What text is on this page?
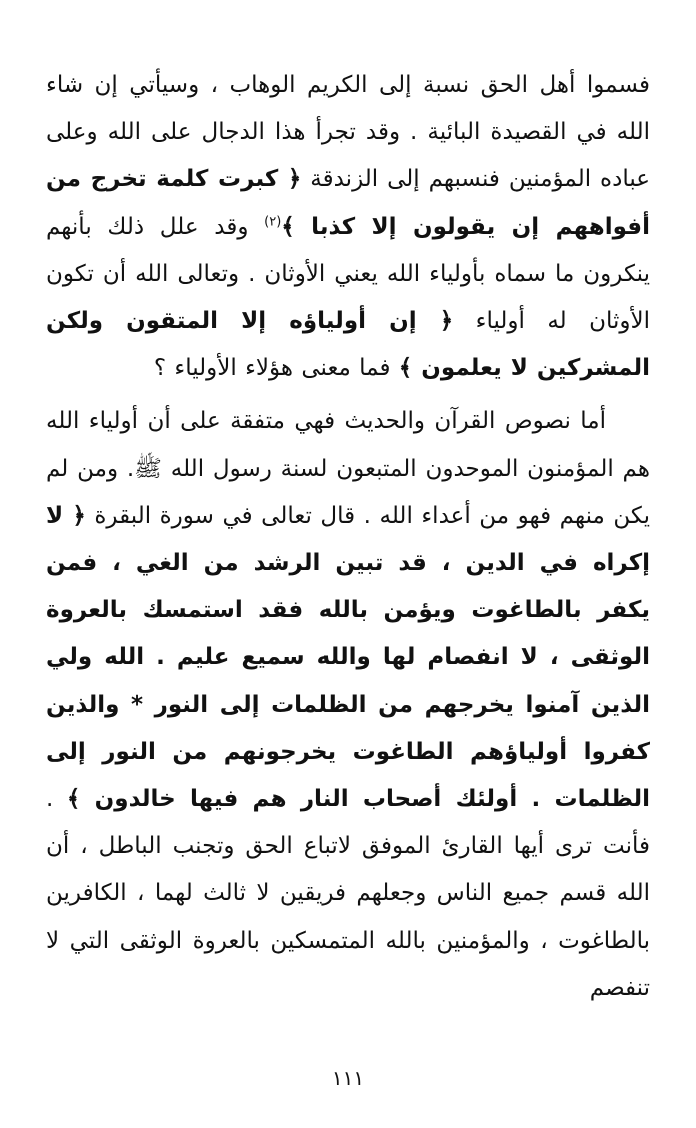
فسموا أهل الحق نسبة إلى الكريم الوهاب ، وسيأتي إن شاء الله في القصيدة البائية . وقد تجرأ هذا الدجال على الله وعلى عباده المؤمنين فنسبهم إلى الزندقة ﴿ كبرت كلمة تخرج من أفواههم إن يقولون إلا كذبا ﴾$^{(٢)}$ وقد علل ذلك بأنهم ينكرون ما سماه بأولياء الله يعني الأوثان . وتعالى الله أن تكون الأوثان له أولياء ﴿ إن أولياؤه إلا المتقون ولكن المشركين لا يعلمون ﴾ فما معنى هؤلاء الأولياء ؟

أما نصوص القرآن والحديث فهي متفقة على أن أولياء الله هم المؤمنون الموحدون المتبعون لسنة رسول الله ﷺ. ومن لم يكن منهم فهو من أعداء الله . قال تعالى في سورة البقرة ﴿ لا إكراه في الدين ، قد تبين الرشد من الغي ، فمن يكفر بالطاغوت ويؤمن بالله فقد استمسك بالعروة الوثقى ، لا انفصام لها والله سميع عليم . الله ولي الذين آمنوا يخرجهم من الظلمات إلى النور * والذين كفروا أولياؤهم الطاغوت يخرجونهم من النور إلى الظلمات . أولئك أصحاب النار هم فيها خالدون ﴾ . فأنت ترى أيها القارئ الموفق لاتباع الحق وتجنب الباطل ، أن الله قسم جميع الناس وجعلهم فريقين لا ثالث لهما ، الكافرين بالطاغوت ، والمؤمنين بالله المتمسكين بالعروة الوثقى التي لا تنفصم

١١١
